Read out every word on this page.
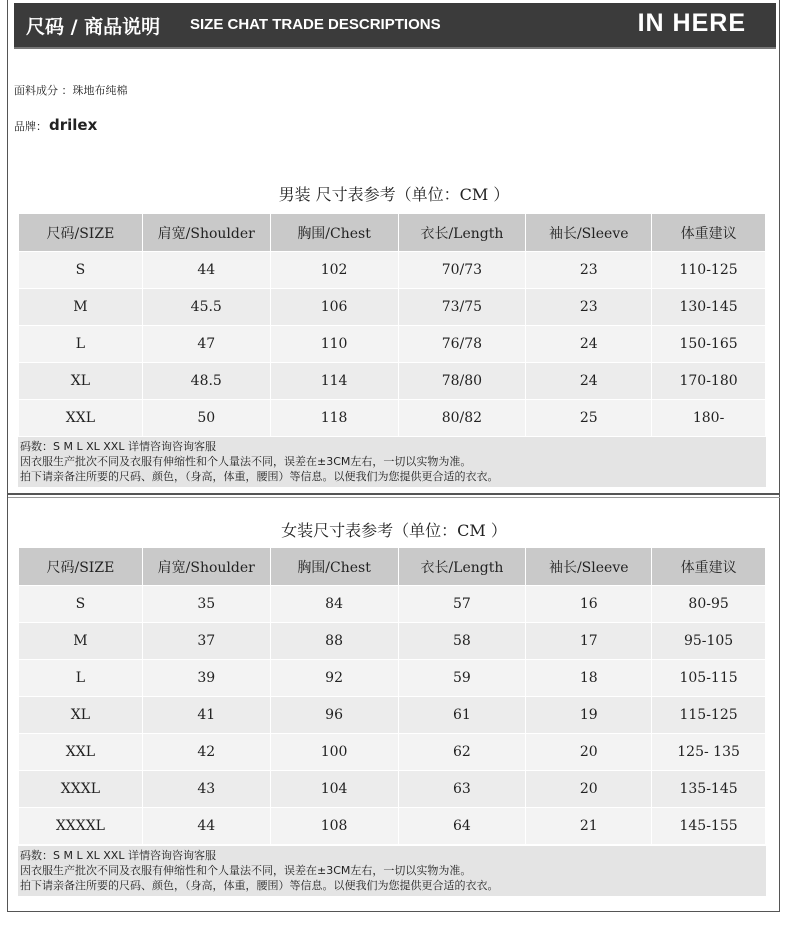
尺码 / 商品说明 SIZE CHAT TRADE DESCRIPTIONS	IN HERE
面料成分 ：珠地布纯棉
品牌： drilex
男装 尺寸表参考（单位：CM ）
尺码/SIZE	肩宽/Shoulder	胸围/Chest	衣长/Length	袖长/Sleeve	体重建议
S	44	102	70/73	23	110-125
M	45.5	106	73/75	23	130-145
L	47	110	76/78	24	150-165
XL	48.5	114	78/80	24	170-180
XXL	50	118	80/82	25	180-
码数：S M L XL XXL 详情咨询咨询客服
因衣服生产批次不同及衣服有伸缩性和个人量法不同，误差在±3CM左右，一切以实物为准。
拍下请亲备注所要的尺码、颜色，（身高，体重，腰围）等信息。以便我们为您提供更合适的衣衣。
女装尺寸表参考（单位：CM ）
尺码/SIZE	肩宽/Shoulder	胸围/Chest	衣长/Length	袖长/Sleeve	体重建议
S	35	84	57	16	80-95
M	37	88	58	17	95-105
L	39	92	59	18	105-115
XL	41	96	61	19	115-125
XXL	42	100	62	20	125- 135
XXXL	43	104	63	20	135-145
XXXXL	44	108	64	21	145-155
码数：S M L XL XXL 详情咨询咨询客服
因衣服生产批次不同及衣服有伸缩性和个人量法不同，误差在±3CM左右，一切以实物为准。
拍下请亲备注所要的尺码、颜色，（身高，体重，腰围）等信息。以便我们为您提供更合适的衣衣。
